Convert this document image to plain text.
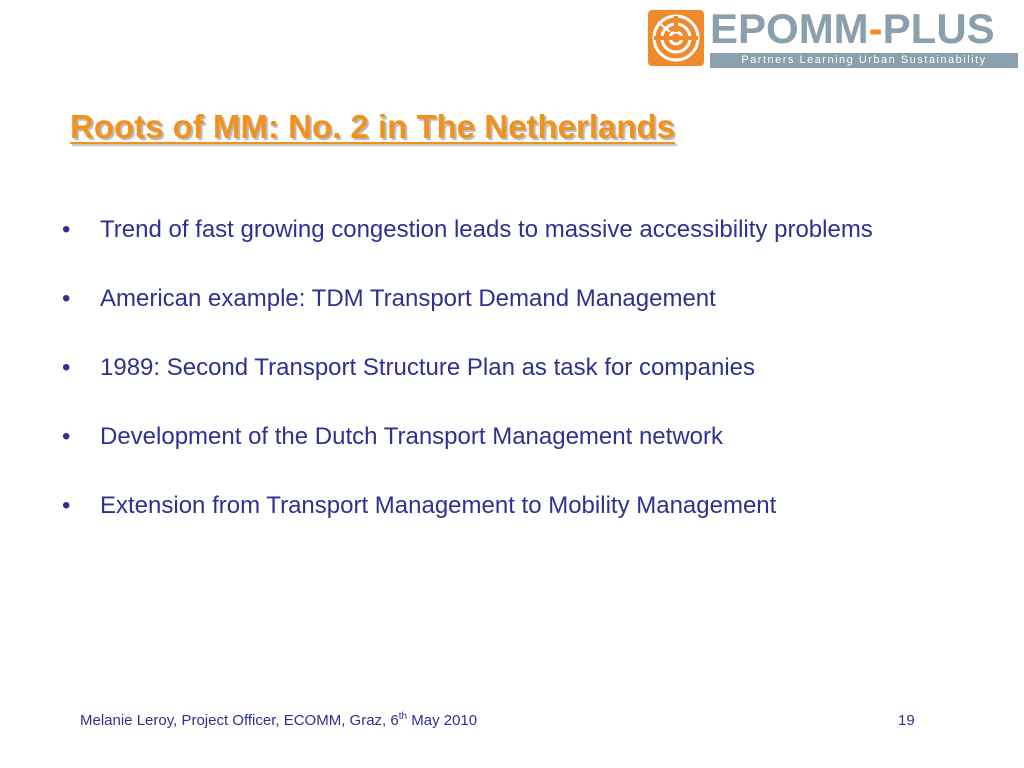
EPOMM-PLUS
Partners Learning Urban Sustainability
Roots of MM: No. 2 in The Netherlands
•	Trend of fast growing congestion leads to massive accessibility problems
•	American example: TDM Transport Demand Management
•	1989: Second Transport Structure Plan as task for companies
•	Development of the Dutch Transport Management network
•	Extension from Transport Management to Mobility Management
Melanie Leroy, Project Officer, ECOMM, Graz, 6th May 2010	19
